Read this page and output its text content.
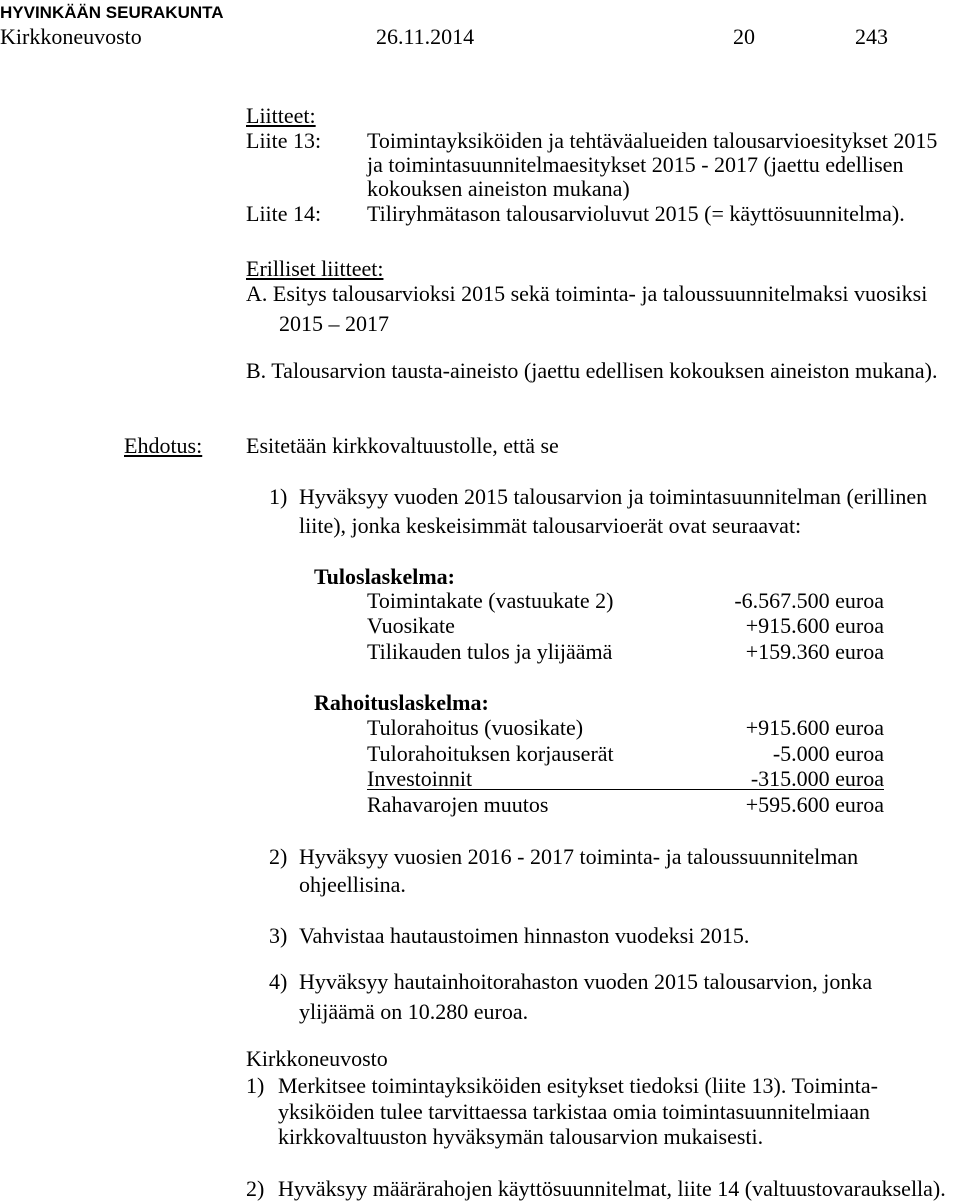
HYVINKÄÄN SEURAKUNTA
Kirkkoneuvosto	26.11.2014	20	243
Liitteet:
Liite 13: Toimintayksiköiden ja tehtäväalueiden talousarvioesitykset 2015
ja toimintasuunnitelmaesitykset 2015 - 2017 (jaettu edellisen
kokouksen aineiston mukana)
Liite 14: Tiliryhmätason talousarvioluvut 2015 (= käyttösuunnitelma).
Erilliset liitteet:
A. Esitys talousarvioksi 2015 sekä toiminta- ja taloussuunnitelmaksi vuosiksi
2015 – 2017
B. Talousarvion tausta-aineisto (jaettu edellisen kokouksen aineiston mukana).
Ehdotus: Esitetään kirkkovaltuustolle, että se
1) Hyväksyy vuoden 2015 talousarvion ja toimintasuunnitelman (erillinen
liite), jonka keskeisimmät talousarvioerät ovat seuraavat:
Tuloslaskelma:
Toimintakate (vastuukate 2)	-6.567.500 euroa
Vuosikate	+915.600 euroa
Tilikauden tulos ja ylijäämä	+159.360 euroa
Rahoituslaskelma:
Tulorahoitus (vuosikate)	+915.600 euroa
Tulorahoituksen korjauserät	-5.000 euroa
Investoinnit	-315.000 euroa
Rahavarojen muutos	+595.600 euroa
2) Hyväksyy vuosien 2016 - 2017 toiminta- ja taloussuunnitelman
ohjeellisina.
3) Vahvistaa hautaustoimen hinnaston vuodeksi 2015.
4) Hyväksyy hautainhoitorahaston vuoden 2015 talousarvion, jonka
ylijäämä on 10.280 euroa.
Kirkkoneuvosto
1) Merkitsee toimintayksiköiden esitykset tiedoksi (liite 13). Toiminta-
yksiköiden tulee tarvittaessa tarkistaa omia toimintasuunnitelmiaan
kirkkovaltuuston hyväksymän talousarvion mukaisesti.
2) Hyväksyy määrärahojen käyttösuunnitelmat, liite 14 (valtuustovarauksella).
